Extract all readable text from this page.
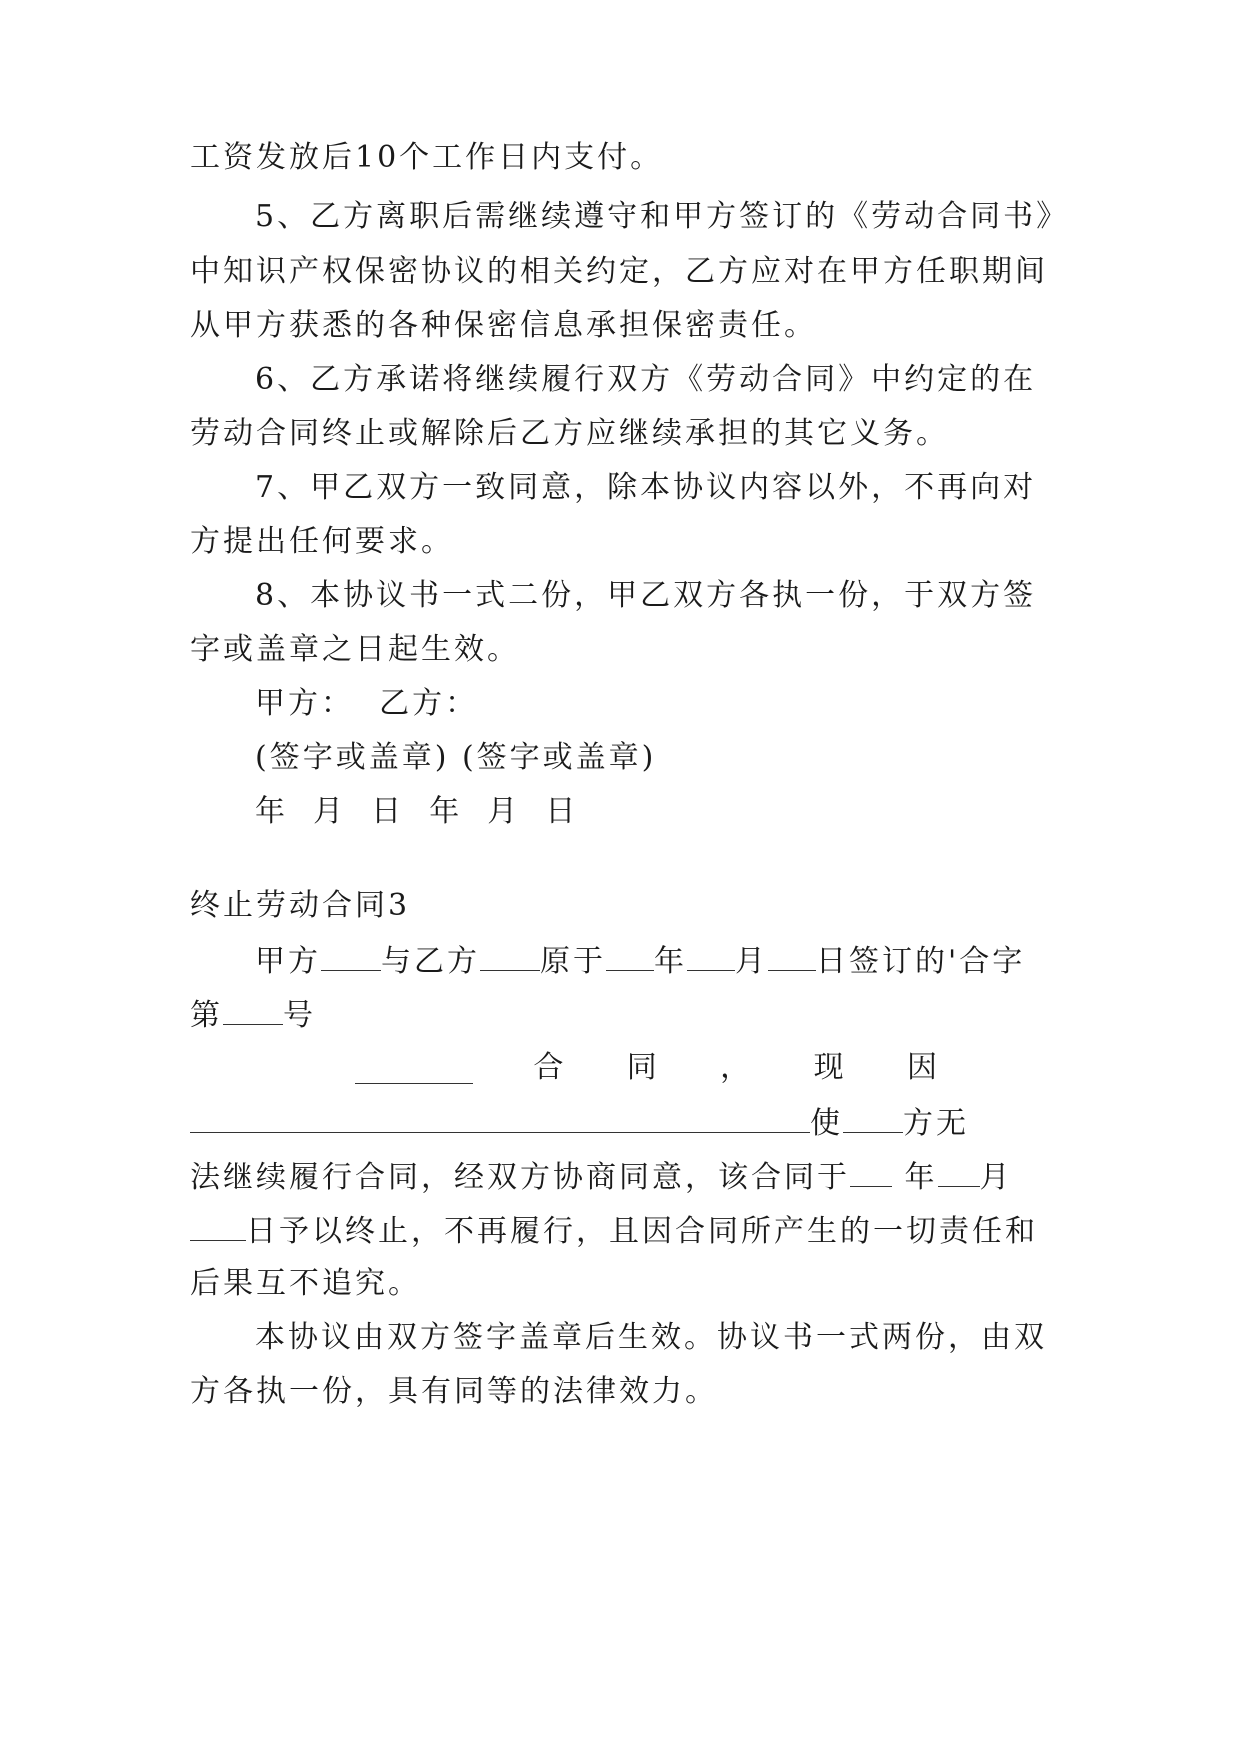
工资发放后10个工作日内支付。
5、乙方离职后需继续遵守和甲方签订的《劳动合同书》
中知识产权保密协议的相关约定，乙方应对在甲方任职期间
从甲方获悉的各种保密信息承担保密责任。
6、乙方承诺将继续履行双方《劳动合同》中约定的在
劳动合同终止或解除后乙方应继续承担的其它义务。
7、甲乙双方一致同意，除本协议内容以外，不再向对
方提出任何要求。
8、本协议书一式二份，甲乙双方各执一份，于双方签
字或盖章之日起生效。
甲方：  乙方：
(签字或盖章) (签字或盖章)
年  月  日  年  月  日
终止劳动合同3
甲方 与乙方 原于 年 月 日签订的'合字
第 号
合 同 ， 现 因
使 方无
法继续履行合同，经双方协商同意，该合同于 年 月
日予以终止，不再履行，且因合同所产生的一切责任和
后果互不追究。
本协议由双方签字盖章后生效。协议书一式两份，由双
方各执一份，具有同等的法律效力。
